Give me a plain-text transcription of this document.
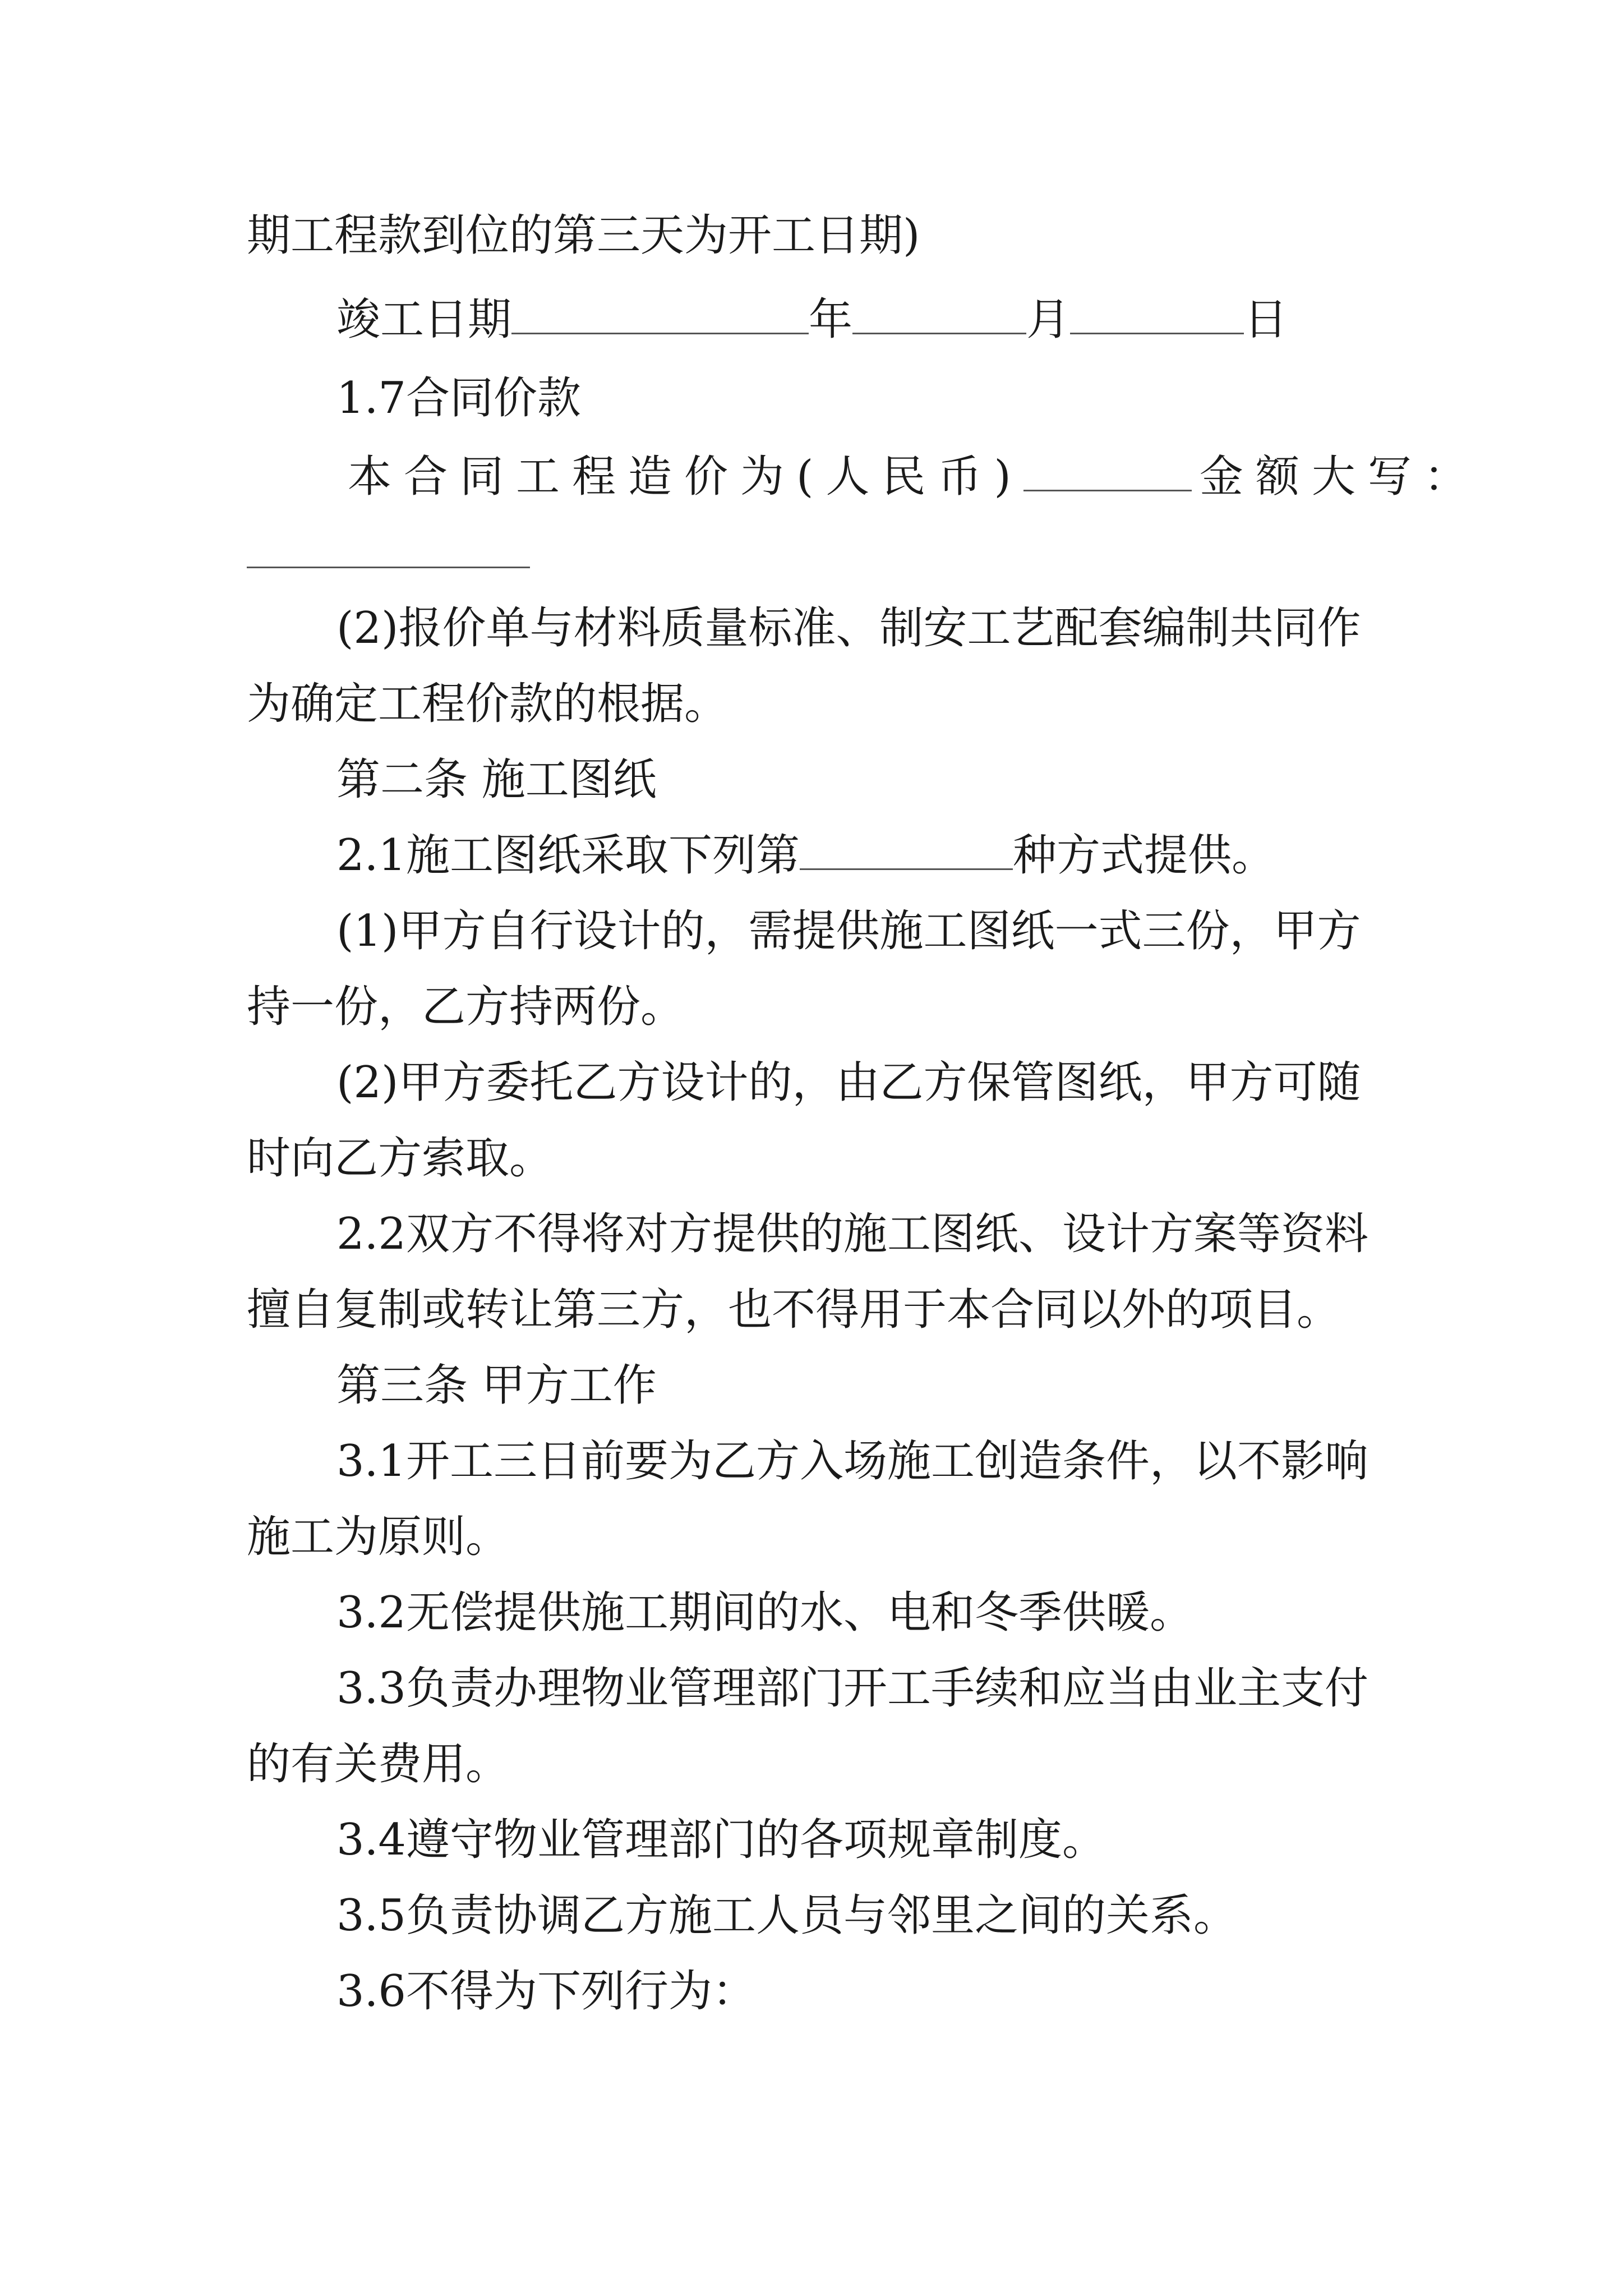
期工程款到位的第三天为开工日期)
竣工日期	年	月	日
1.7合同价款
本合同工程造价为(人民币)	金额大写：
(2)报价单与材料质量标准、制安工艺配套编制共同作
为确定工程价款的根据。
第二条 施工图纸
2.1施工图纸采取下列第	种方式提供。
(1)甲方自行设计的，需提供施工图纸一式三份，甲方
持一份，乙方持两份。
(2)甲方委托乙方设计的，由乙方保管图纸，甲方可随
时向乙方索取。
2.2双方不得将对方提供的施工图纸、设计方案等资料
擅自复制或转让第三方，也不得用于本合同以外的项目。
第三条 甲方工作
3.1开工三日前要为乙方入场施工创造条件，以不影响
施工为原则。
3.2无偿提供施工期间的水、电和冬季供暖。
3.3负责办理物业管理部门开工手续和应当由业主支付
的有关费用。
3.4遵守物业管理部门的各项规章制度。
3.5负责协调乙方施工人员与邻里之间的关系。
3.6不得为下列行为：
